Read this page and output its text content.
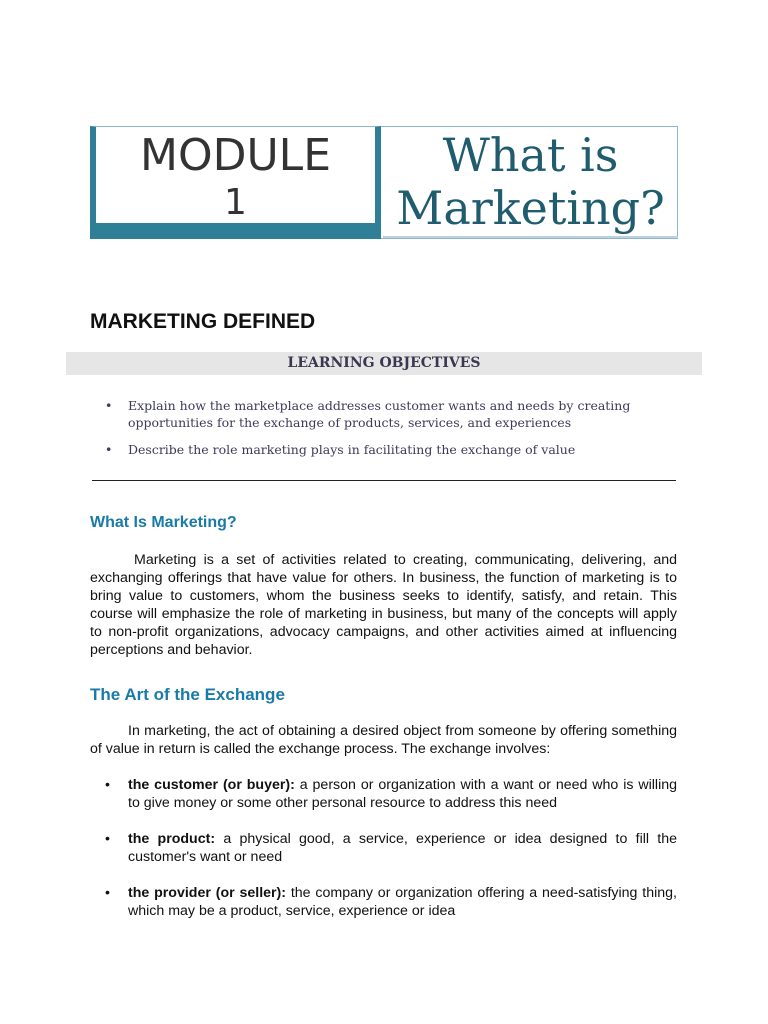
MODULE
1
What is
Marketing?
MARKETING DEFINED
LEARNING OBJECTIVES
• Explain how the marketplace addresses customer wants and needs by creating opportunities for the exchange of products, services, and experiences
• Describe the role marketing plays in facilitating the exchange of value
What Is Marketing?

Marketing is a set of activities related to creating, communicating, delivering, and exchanging offerings that have value for others. In business, the function of marketing is to bring value to customers, whom the business seeks to identify, satisfy, and retain. This course will emphasize the role of marketing in business, but many of the concepts will apply to non-profit organizations, advocacy campaigns, and other activities aimed at influencing perceptions and behavior.

The Art of the Exchange

In marketing, the act of obtaining a desired object from someone by offering something of value in return is called the exchange process. The exchange involves:

• the customer (or buyer): a person or organization with a want or need who is willing to give money or some other personal resource to address this need
• the product: a physical good, a service, experience or idea designed to fill the customer's want or need
• the provider (or seller): the company or organization offering a need-satisfying thing, which may be a product, service, experience or idea
